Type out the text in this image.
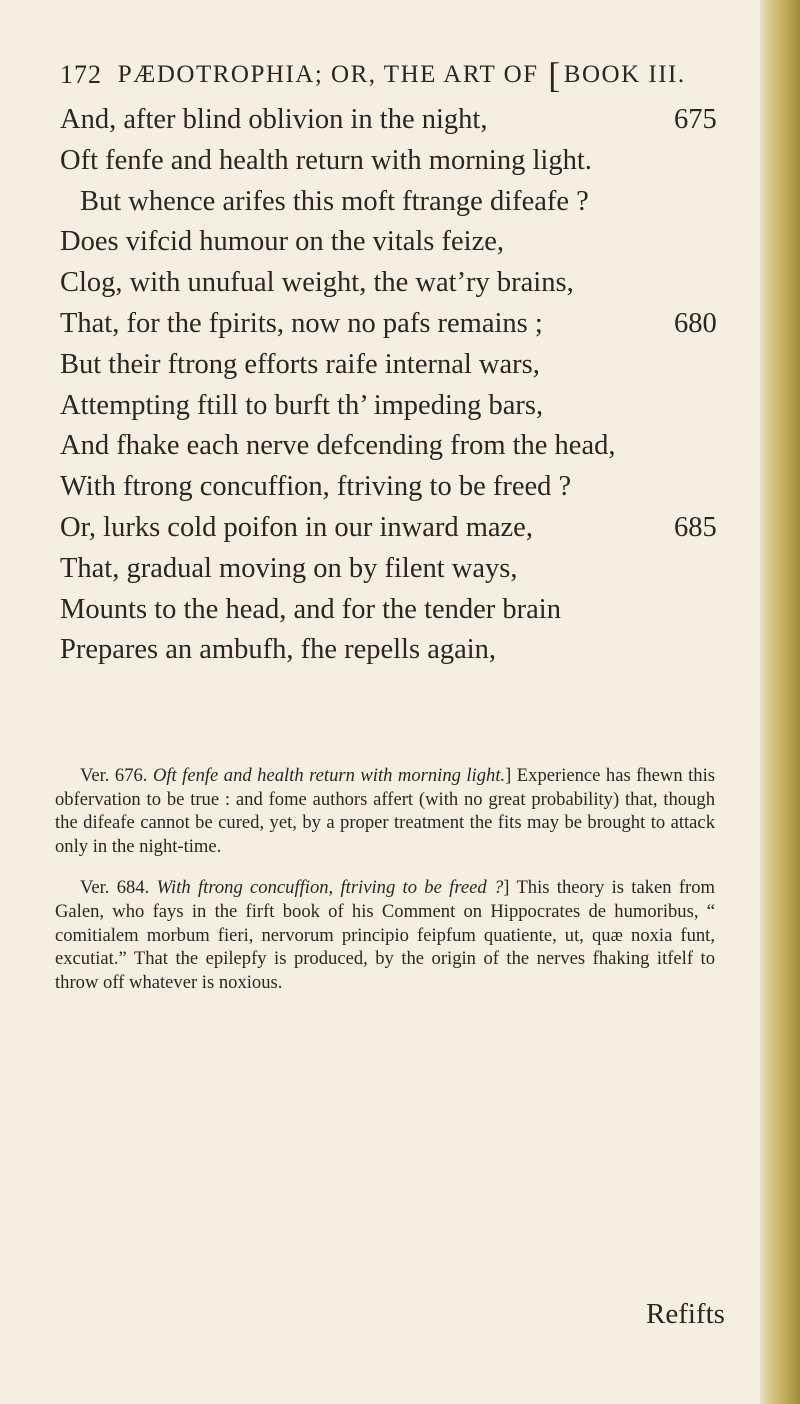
172 PÆDOTROPHIA; OR, THE ART OF [BOOK III.
And, after blind oblivion in the night,	675
Oft fenfe and health return with morning light.
But whence arifes this moft ftrange difeafe ?
Does vifcid humour on the vitals feize,
Clog, with unufual weight, the wat’ry brains,
That, for the fpirits, now no pafs remains ;	680
But their ftrong efforts raife internal wars,
Attempting ftill to burft th’ impeding bars,
And fhake each nerve defcending from the head,
With ftrong concuffion, ftriving to be freed ?
Or, lurks cold poifon in our inward maze,	685
That, gradual moving on by filent ways,
Mounts to the head, and for the tender brain
Prepares an ambufh, fhe repells again,

Ver. 676. Oft fenfe and health return with morning light.] Experience has fhewn this obfervation to be true : and fome authors affert (with no great probability) that, though the difeafe cannot be cured, yet, by a proper treatment the fits may be brought to attack only in the night-time.

Ver. 684. With ftrong concuffion, ftriving to be freed ?] This theory is taken from Galen, who fays in the firft book of his Comment on Hippocrates de humoribus, “ comitialem morbum fieri, nervorum principio feipfum quatiente, ut, quæ noxia funt, excutiat.” That the epilepfy is produced, by the origin of the nerves fhaking itfelf to throw off whatever is noxious.

Refifts
